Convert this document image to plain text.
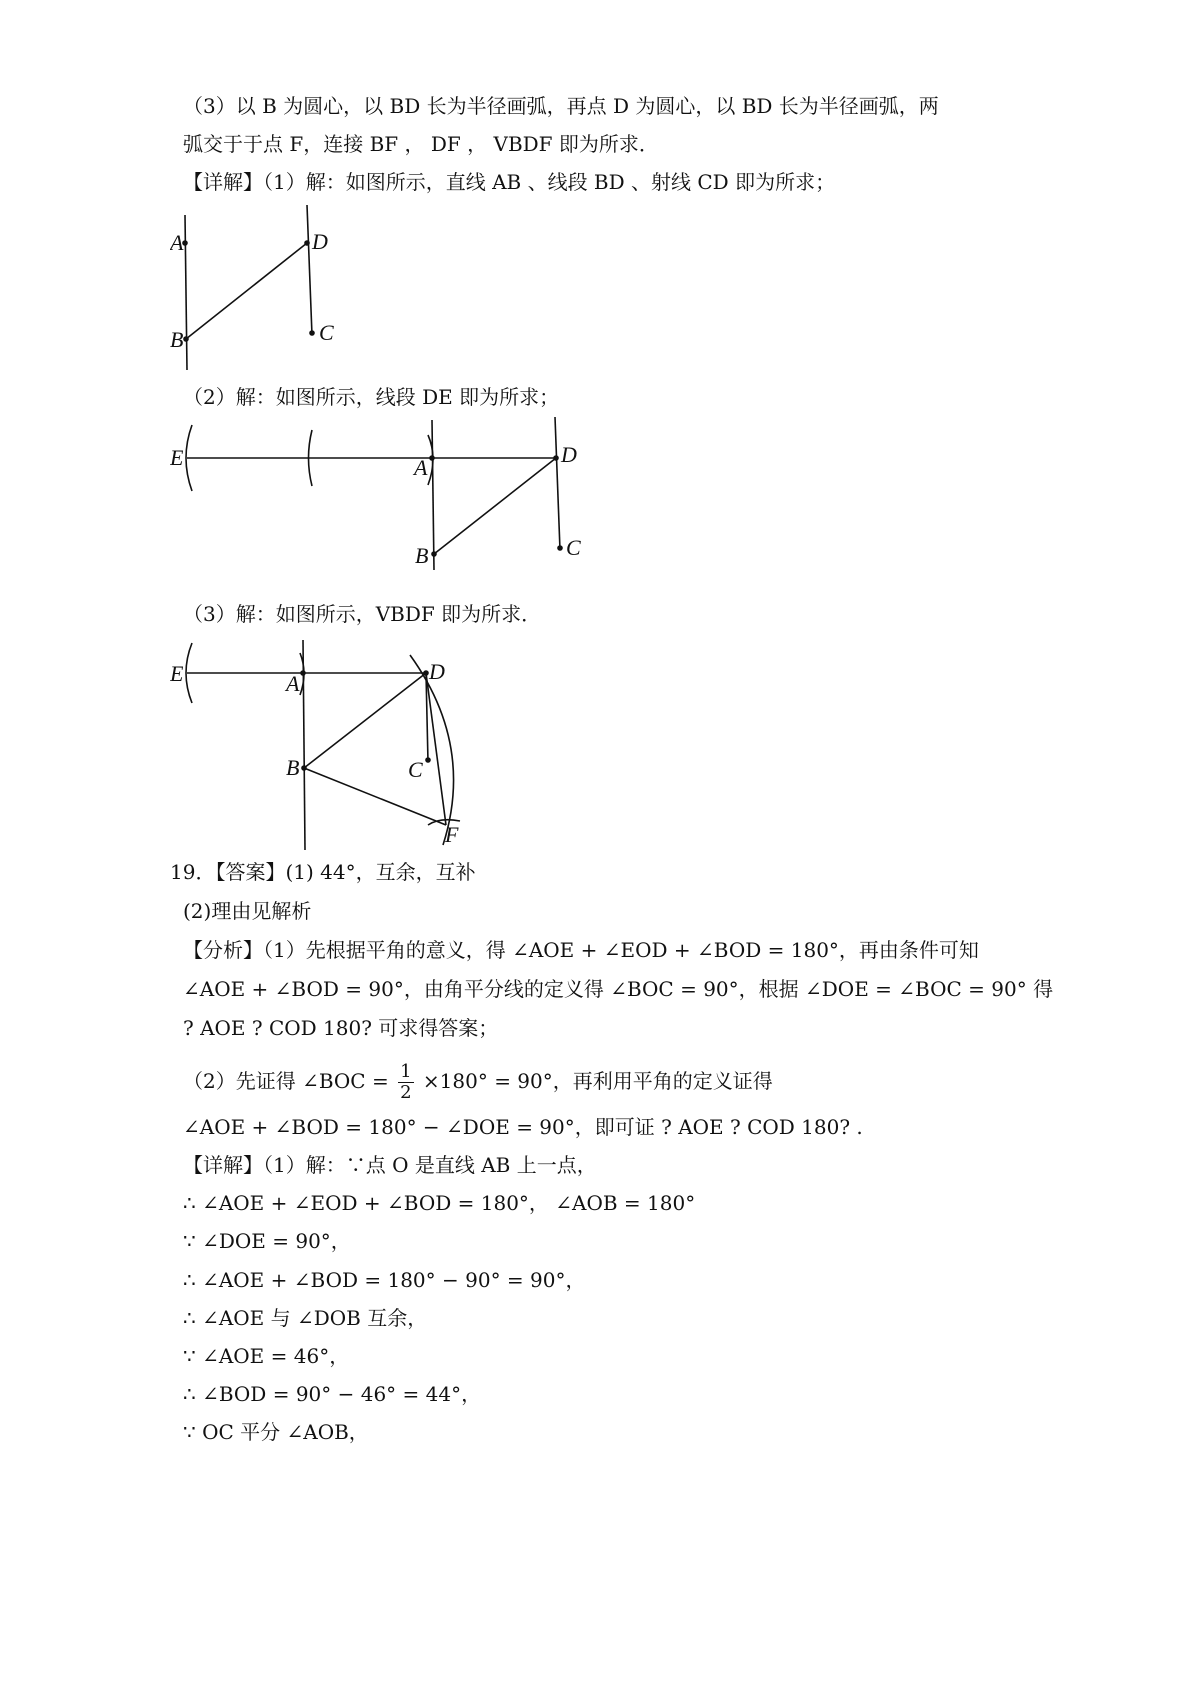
（3）以 B 为圆心，以 BD 长为半径画弧，再点 D 为圆心，以 BD 长为半径画弧，两
弧交于于点 F，连接 BF ， DF ， VBDF 即为所求．
【详解】（1）解：如图所示，直线 AB 、线段 BD 、射线 CD 即为所求；
A
B	C
D
（2）解：如图所示，线段 DE 即为所求；
E	A
B	C
D
（3）解：如图所示，VBDF 即为所求．
E	A
B	C
D
F
19．【答案】(1) 44°，互余，互补
(2)理由见解析
【分析】（1）先根据平角的意义，得 ∠AOE + ∠EOD + ∠BOD = 180°，再由条件可知
∠AOE + ∠BOD = 90°，由角平分线的定义得 ∠BOC = 90°，根据 ∠DOE = ∠BOC = 90° 得
? AOE ? COD 180? 可求得答案；
（2）先证得 ∠BOC = $\frac{1}{2} \times 180^\circ = 90^\circ$，再利用平角的定义证得
∠AOE + ∠BOD = 180° − ∠DOE = 90°，即可证 ? AOE ? COD 180? .
【详解】（1）解：∵点 O 是直线 AB 上一点，
∴ ∠AOE + ∠EOD + ∠BOD = 180°， ∠AOB = 180°
∵ ∠DOE = 90°，
∴ ∠AOE + ∠BOD = 180° − 90° = 90°，
∴ ∠AOE 与 ∠DOB 互余，
∵ ∠AOE = 46°，
∴ ∠BOD = 90° − 46° = 44°，
∵ OC 平分 ∠AOB，
